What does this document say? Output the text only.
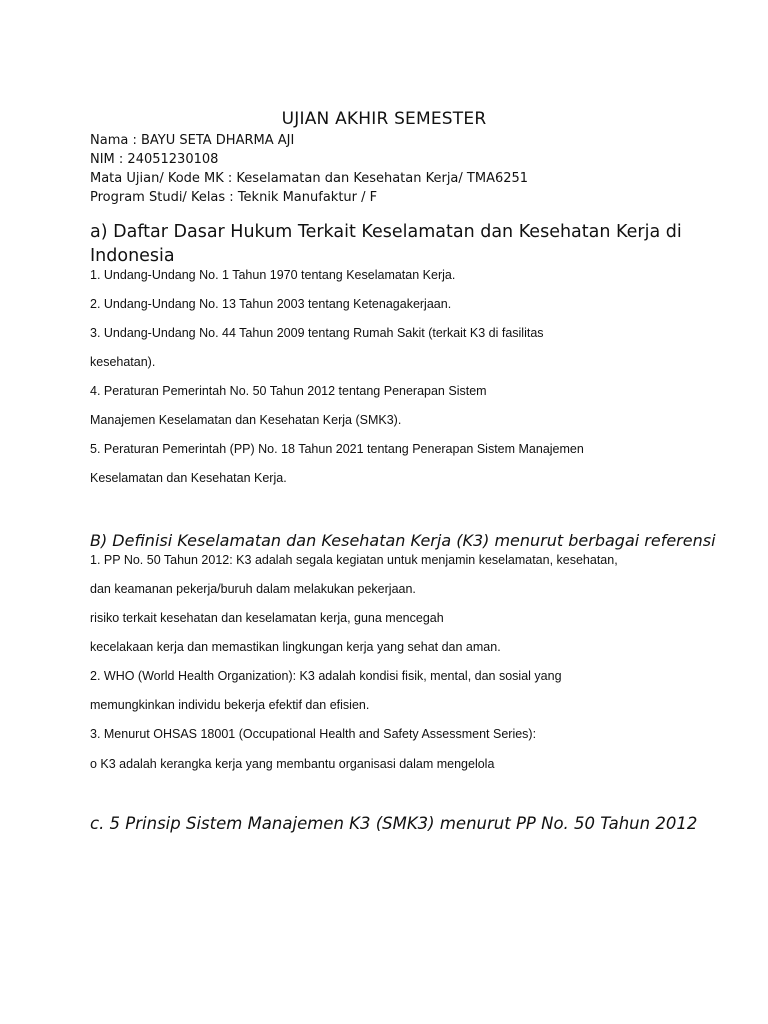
UJIAN AKHIR SEMESTER
Nama : BAYU SETA DHARMA AJI
NIM : 24051230108
Mata Ujian/ Kode MK : Keselamatan dan Kesehatan Kerja/ TMA6251
Program Studi/ Kelas : Teknik Manufaktur / F
a) Daftar Dasar Hukum Terkait Keselamatan dan Kesehatan Kerja di Indonesia
1. Undang-Undang No. 1 Tahun 1970 tentang Keselamatan Kerja.
2. Undang-Undang No. 13 Tahun 2003 tentang Ketenagakerjaan.
3. Undang-Undang No. 44 Tahun 2009 tentang Rumah Sakit (terkait K3 di fasilitas
kesehatan).
4. Peraturan Pemerintah No. 50 Tahun 2012 tentang Penerapan Sistem
Manajemen Keselamatan dan Kesehatan Kerja (SMK3).
5. Peraturan Pemerintah (PP) No. 18 Tahun 2021 tentang Penerapan Sistem Manajemen
Keselamatan dan Kesehatan Kerja.
B) Definisi Keselamatan dan Kesehatan Kerja (K3) menurut berbagai referensi
1. PP No. 50 Tahun 2012: K3 adalah segala kegiatan untuk menjamin keselamatan, kesehatan,
dan keamanan pekerja/buruh dalam melakukan pekerjaan.
risiko terkait kesehatan dan keselamatan kerja, guna mencegah
kecelakaan kerja dan memastikan lingkungan kerja yang sehat dan aman.
2. WHO (World Health Organization): K3 adalah kondisi fisik, mental, dan sosial yang
memungkinkan individu bekerja efektif dan efisien.
3. Menurut OHSAS 18001 (Occupational Health and Safety Assessment Series):
o K3 adalah kerangka kerja yang membantu organisasi dalam mengelola
c. 5 Prinsip Sistem Manajemen K3 (SMK3) menurut PP No. 50 Tahun 2012
